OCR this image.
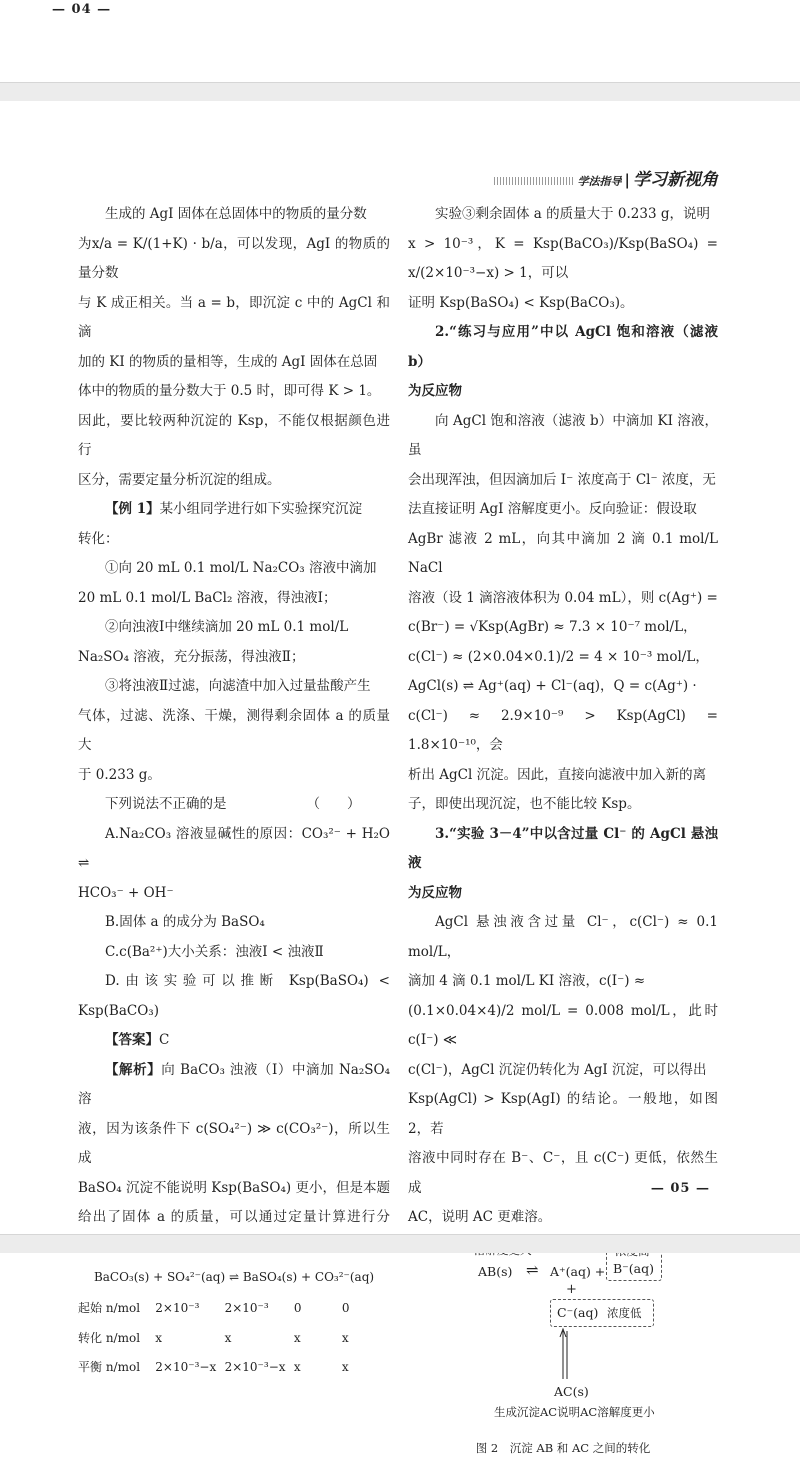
— 04 —
学法指导 | 学习新视角

生成的 AgI 固体在总固体中的物质的量分数

为x/a = K/(1+K) · b/a，可以发现，AgI 的物质的量分数

与 K 成正相关。当 a = b，即沉淀 c 中的 AgCl 和滴

加的 KI 的物质的量相等，生成的 AgI 固体在总固

体中的物质的量分数大于 0.5 时，即可得 K > 1。

因此，要比较两种沉淀的 Ksp，不能仅根据颜色进行

区分，需要定量分析沉淀的组成。

【例 1】某小组同学进行如下实验探究沉淀

转化：

①向 20 mL 0.1 mol/L Na₂CO₃ 溶液中滴加

20 mL 0.1 mol/L BaCl₂ 溶液，得浊液Ⅰ；

②向浊液Ⅰ中继续滴加 20 mL 0.1 mol/L

Na₂SO₄ 溶液，充分振荡，得浊液Ⅱ；

③将浊液Ⅱ过滤，向滤渣中加入过量盐酸产生

气体，过滤、洗涤、干燥，测得剩余固体 a 的质量大

于 0.233 g。

下列说法不正确的是	（　　）

A.Na₂CO₃ 溶液显碱性的原因：CO₃²⁻ + H₂O ⇌

HCO₃⁻ + OH⁻

B.固体 a 的成分为 BaSO₄

C.c(Ba²⁺)大小关系：浊液Ⅰ < 浊液Ⅱ

D.由该实验可以推断 Ksp(BaSO₄) < Ksp(BaCO₃)

【答案】C

【解析】向 BaCO₃ 浊液（Ⅰ）中滴加 Na₂SO₄ 溶

液，因为该条件下 c(SO₄²⁻) ≫ c(CO₃²⁻)，所以生成

BaSO₄ 沉淀不能说明 Ksp(BaSO₄) 更小，但是本题

给出了固体 a 的质量，可以通过定量计算进行分

BaCO₃(s) + SO₄²⁻(aq) ⇌ BaSO₄(s) + CO₃²⁻(aq)

起始 n/mol	2×10⁻³	2×10⁻³	0	0
转化 n/mol	x	x	x	x
平衡 n/mol	2×10⁻³−x	2×10⁻³−x	x	x

实验③剩余固体 a 的质量大于 0.233 g，说明

x > 10⁻³，K = Ksp(BaCO₃)/Ksp(BaSO₄) = x/(2×10⁻³−x) > 1，可以

证明 Ksp(BaSO₄) < Ksp(BaCO₃)。

2.“练习与应用”中以 AgCl 饱和溶液（滤液 b）

为反应物

向 AgCl 饱和溶液（滤液 b）中滴加 KI 溶液，虽

会出现浑浊，但因滴加后 I⁻ 浓度高于 Cl⁻ 浓度，无

法直接证明 AgI 溶解度更小。反向验证：假设取

AgBr 滤液 2 mL，向其中滴加 2 滴 0.1 mol/L NaCl

溶液（设 1 滴溶液体积为 0.04 mL），则 c(Ag⁺) =

c(Br⁻) = √Ksp(AgBr) ≈ 7.3 × 10⁻⁷ mol/L，

c(Cl⁻) ≈ (2×0.04×0.1)/2 = 4 × 10⁻³ mol/L，

AgCl(s) ⇌ Ag⁺(aq) + Cl⁻(aq)，Q = c(Ag⁺) ·

c(Cl⁻) ≈ 2.9×10⁻⁹ > Ksp(AgCl) = 1.8×10⁻¹⁰，会

析出 AgCl 沉淀。因此，直接向滤液中加入新的离

子，即使出现沉淀，也不能比较 Ksp。

3.“实验 3－4”中以含过量 Cl⁻ 的 AgCl 悬浊液

为反应物

AgCl 悬浊液含过量 Cl⁻，c(Cl⁻) ≈ 0.1 mol/L，

滴加 4 滴 0.1 mol/L KI 溶液，c(I⁻) ≈

(0.1×0.04×4)/2 mol/L = 0.008 mol/L，此时 c(I⁻) ≪

c(Cl⁻)，AgCl 沉淀仍转化为 AgI 沉淀，可以得出

Ksp(AgCl) > Ksp(AgI) 的结论。一般地，如图 2，若

溶液中同时存在 B⁻、C⁻，且 c(C⁻) 更低，依然生成

AC，说明 AC 更难溶。

AB(s) ⇌ A⁺(aq) + B⁻(aq)
+
C⁻(aq) 浓度低
AC(s)
生成沉淀AC说明AC溶解度更小
图 2　沉淀 AB 和 AC 之间的转化
— 05 —
